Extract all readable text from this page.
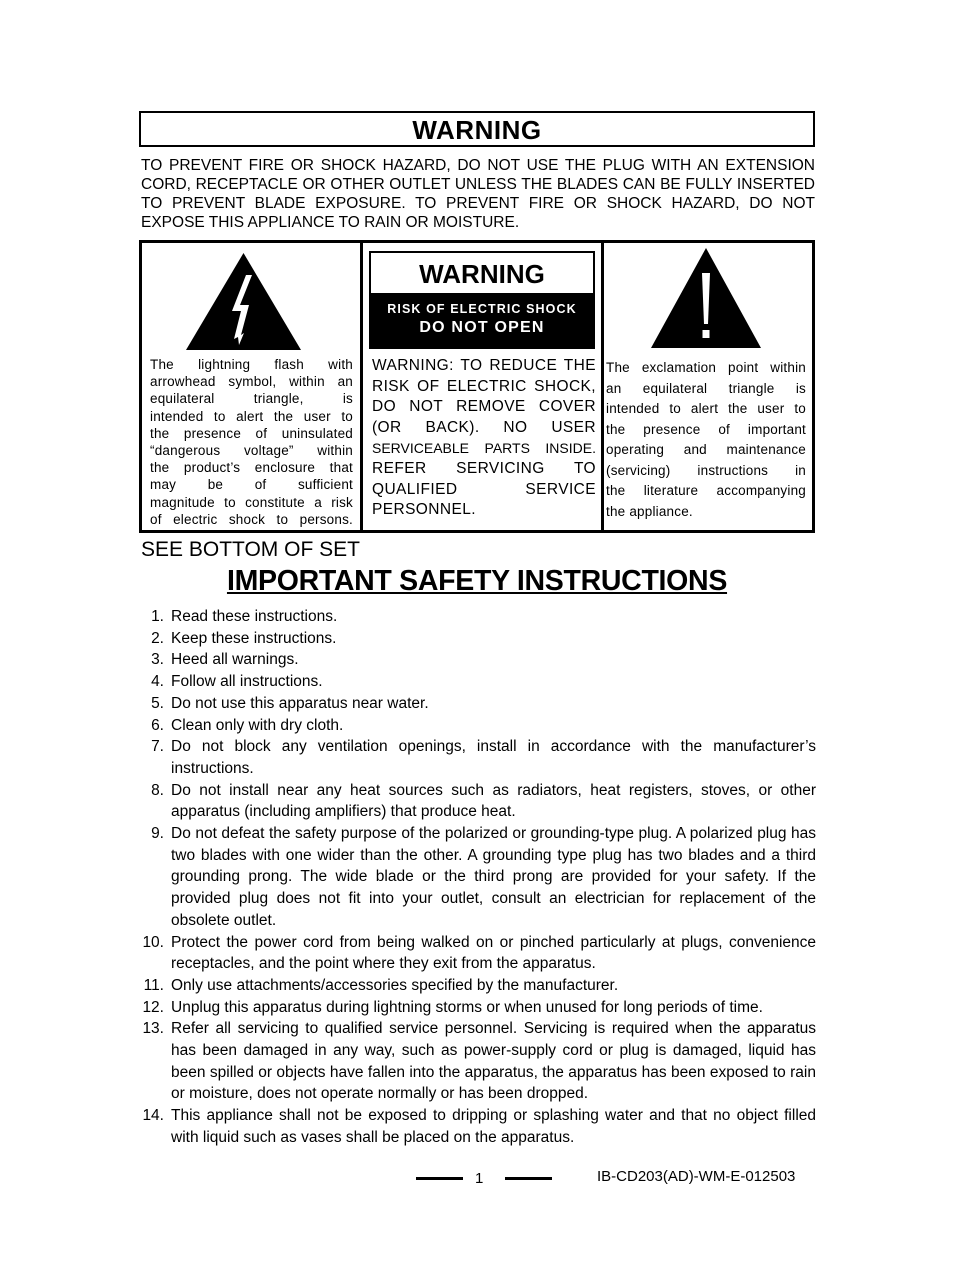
WARNING
TO PREVENT FIRE OR SHOCK HAZARD, DO NOT USE THE PLUG WITH AN EXTENSION CORD, RECEPTACLE OR OTHER OUTLET UNLESS THE BLADES CAN BE FULLY INSERTED TO PREVENT BLADE EXPOSURE. TO PREVENT FIRE OR SHOCK HAZARD, DO NOT EXPOSE THIS APPLIANCE TO RAIN OR MOISTURE.
The lightning flash with
arrowhead symbol, within an
equilateral triangle, is
intended to alert the user to
the presence of uninsulated
“dangerous voltage” within
the product’s enclosure that
may be of sufficient
magnitude to constitute a risk
of electric shock to persons.
WARNING
RISK OF ELECTRIC SHOCK
DO NOT OPEN
WARNING: TO REDUCE THE
RISK OF ELECTRIC SHOCK,
DO NOT REMOVE COVER
(OR BACK). NO USER
SERVICEABLE PARTS INSIDE.
REFER SERVICING TO
QUALIFIED SERVICE
PERSONNEL.
The exclamation point within
an equilateral triangle is
intended to alert the user to
the presence of important
operating and maintenance
(servicing) instructions in
the literature accompanying
the appliance.
SEE BOTTOM OF SET
IMPORTANT SAFETY INSTRUCTIONS
1. Read these instructions.
2. Keep these instructions.
3. Heed all warnings.
4. Follow all instructions.
5. Do not use this apparatus near water.
6. Clean only with dry cloth.
7. Do not block any ventilation openings, install in accordance with the manufacturer’s instructions.
8. Do not install near any heat sources such as radiators, heat registers, stoves, or other apparatus (including amplifiers) that produce heat.
9. Do not defeat the safety purpose of the polarized or grounding-type plug. A polarized plug has two blades with one wider than the other. A grounding type plug has two blades and a third grounding prong. The wide blade or the third prong are provided for your safety. If the provided plug does not fit into your outlet, consult an electrician for replacement of the obsolete outlet.
10. Protect the power cord from being walked on or pinched particularly at plugs, convenience receptacles, and the point where they exit from the apparatus.
11. Only use attachments/accessories specified by the manufacturer.
12. Unplug this apparatus during lightning storms or when unused for long periods of time.
13. Refer all servicing to qualified service personnel. Servicing is required when the apparatus has been damaged in any way, such as power-supply cord or plug is damaged, liquid has been spilled or objects have fallen into the apparatus, the apparatus has been exposed to rain or moisture, does not operate normally or has been dropped.
14. This appliance shall not be exposed to dripping or splashing water and that no object filled with liquid such as vases shall be placed on the apparatus.
1	IB-CD203(AD)-WM-E-012503
